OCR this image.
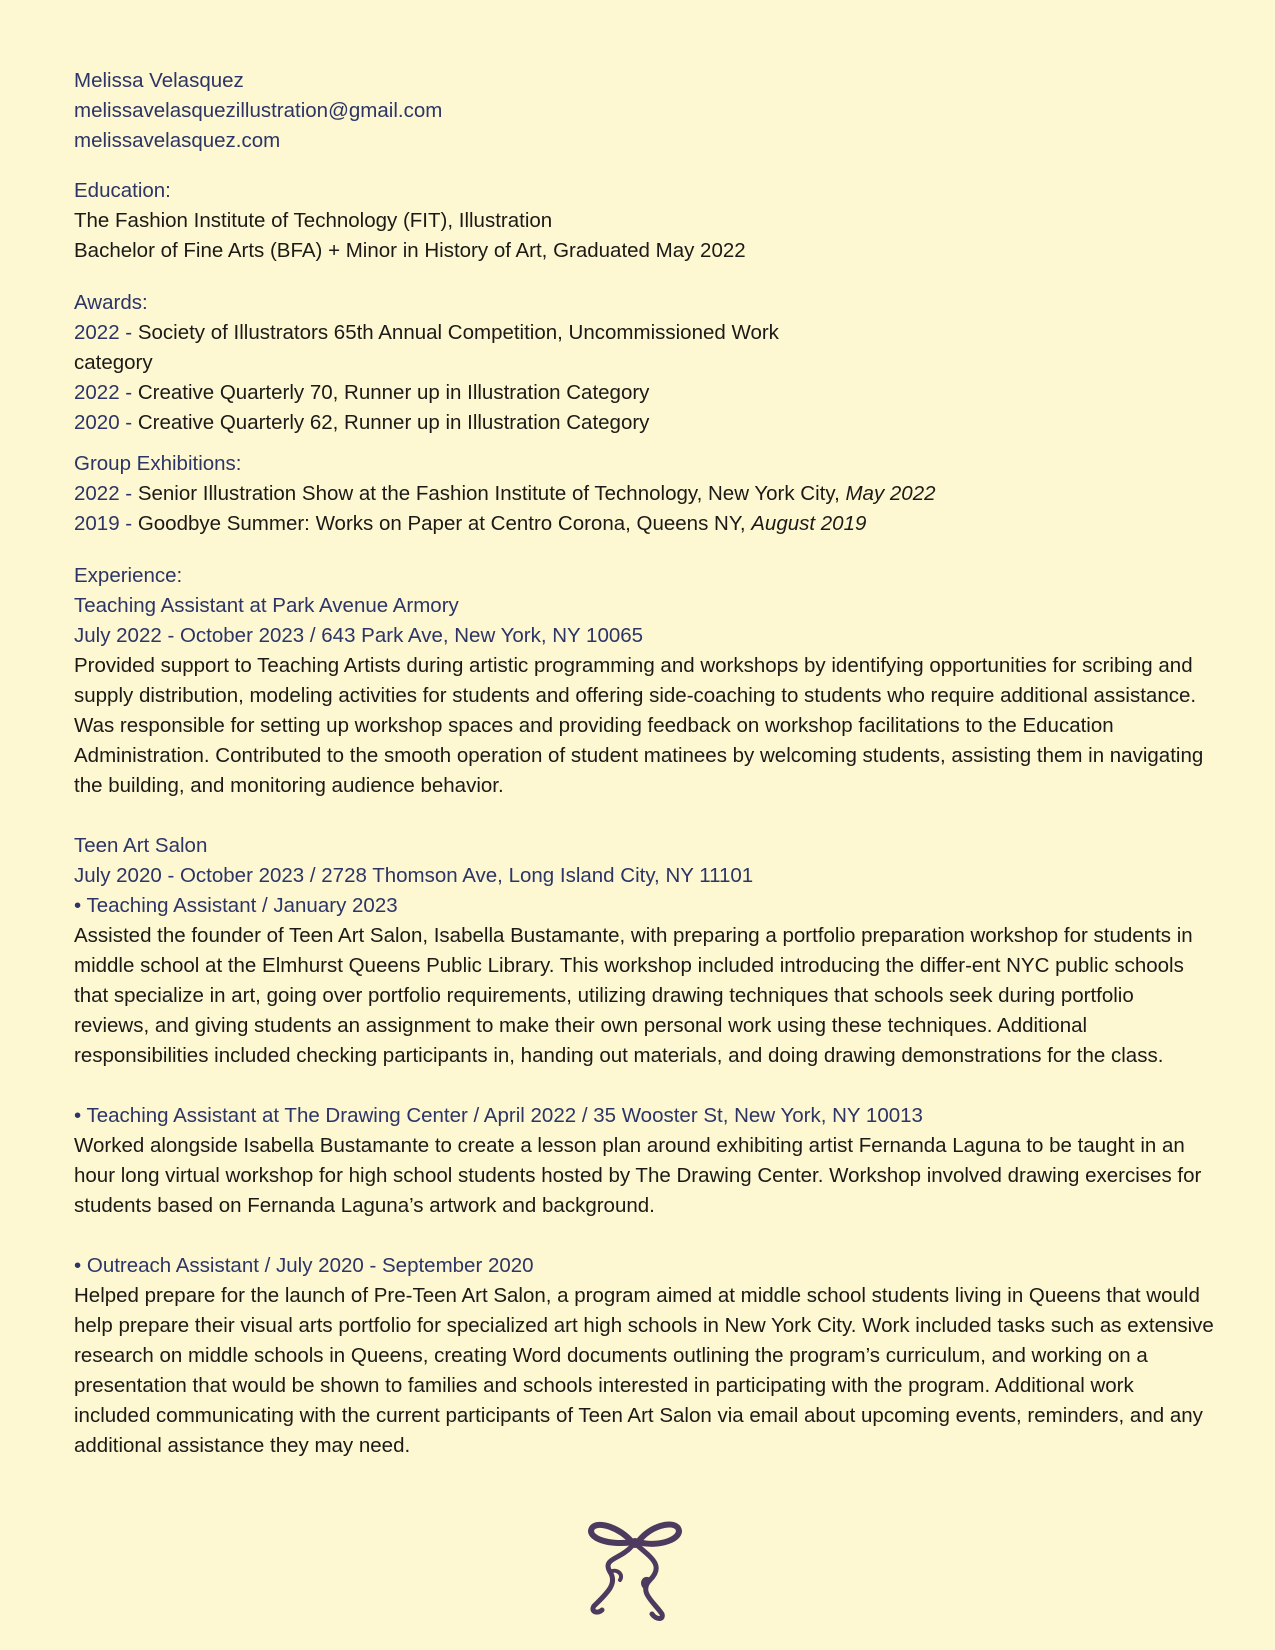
Melissa Velasquez
melissavelasquezillustration@gmail.com
melissavelasquez.com
Education:
The Fashion Institute of Technology (FIT), Illustration
Bachelor of Fine Arts (BFA) + Minor in History of Art, Graduated May 2022
Awards:
2022 - Society of Illustrators 65th Annual Competition, Uncommissioned Work
category
2022 - Creative Quarterly 70, Runner up in Illustration Category
2020 - Creative Quarterly 62, Runner up in Illustration Category
Group Exhibitions:
2022 - Senior Illustration Show at the Fashion Institute of Technology, New York City, May 2022
2019 - Goodbye Summer: Works on Paper at Centro Corona, Queens NY, August 2019
Experience:
Teaching Assistant at Park Avenue Armory
July 2022 - October 2023 / 643 Park Ave, New York, NY 10065
Provided support to Teaching Artists during artistic programming and workshops by identifying opportunities for scribing and supply distribution, modeling activities for students and offering side-coaching to students who require additional assistance. Was responsible for setting up workshop spaces and providing feedback on workshop facilitations to the Education Administration. Contributed to the smooth operation of student matinees by welcoming students, assisting them in navigating the building, and monitoring audience behavior.
Teen Art Salon
July 2020 - October 2023 / 2728 Thomson Ave, Long Island City, NY 11101
• Teaching Assistant / January 2023
Assisted the founder of Teen Art Salon, Isabella Bustamante, with preparing a portfolio preparation workshop for students in middle school at the Elmhurst Queens Public Library. This workshop included introducing the differ-ent NYC public schools that specialize in art, going over portfolio requirements, utilizing drawing techniques that schools seek during portfolio reviews, and giving students an assignment to make their own personal work using these techniques. Additional responsibilities included checking participants in, handing out materials, and doing drawing demonstrations for the class.
• Teaching Assistant at The Drawing Center / April 2022 / 35 Wooster St, New York, NY 10013
Worked alongside Isabella Bustamante to create a lesson plan around exhibiting artist Fernanda Laguna to be taught in an hour long virtual workshop for high school students hosted by The Drawing Center. Workshop involved drawing exercises for students based on Fernanda Laguna’s artwork and background.
• Outreach Assistant / July 2020 - September 2020
Helped prepare for the launch of Pre-Teen Art Salon, a program aimed at middle school students living in Queens that would help prepare their visual arts portfolio for specialized art high schools in New York City. Work included tasks such as extensive research on middle schools in Queens, creating Word documents outlining the program’s curriculum, and working on a presentation that would be shown to families and schools interested in participating with the program. Additional work included communicating with the current participants of Teen Art Salon via email about upcoming events, reminders, and any additional assistance they may need.
